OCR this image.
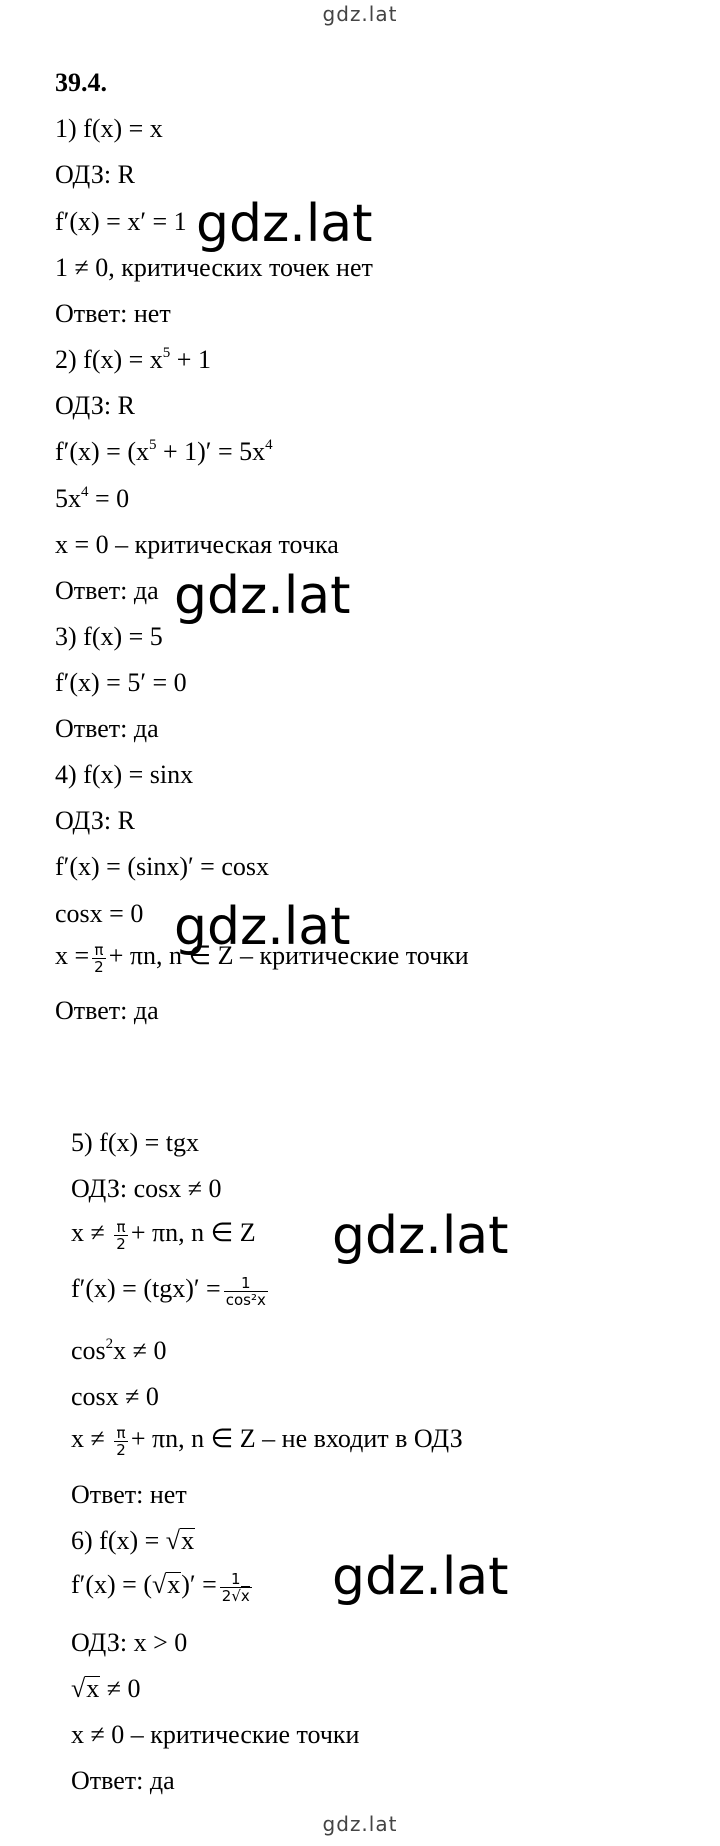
gdz.lat
39.4.
1) f(x) = x
ОДЗ: R
f′(x) = x′ = 1
1 ≠ 0, критических точек нет
Ответ: нет
2) $f(x) = x^5 + 1$
ОДЗ: R
$f'(x) = (x^5 + 1)' = 5x^4$
$5x^4 = 0$
x = 0 – критическая точка
Ответ: да
3) f(x) = 5
f′(x) = 5′ = 0
Ответ: да
4) f(x) = sinx
ОДЗ: R
f′(x) = (sinx)′ = cosx
cosx = 0
$x = \frac{\pi}{2} + \pi n$, n ∈ Z – критические точки
Ответ: да
5) f(x) = tgx
ОДЗ: cosx ≠ 0
$x \ne \frac{\pi}{2} + \pi n$, n ∈ Z
$f'(x) = (tgx)' = \frac{1}{\text{cos²x}}$
$\cos^2x \ne 0$
cosx ≠ 0
$x \ne \frac{\pi}{2} + \pi n$, n ∈ Z – не входит в ОДЗ
Ответ: нет
6) f(x) = √x
$f'(x) = (√x)' = \frac{1}{2√x}$
ОДЗ: x > 0
√x ≠ 0
x ≠ 0 – критические точки
Ответ: да
gdz.lat
gdz.lat
gdz.lat
gdz.lat
gdz.lat
gdz.lat
